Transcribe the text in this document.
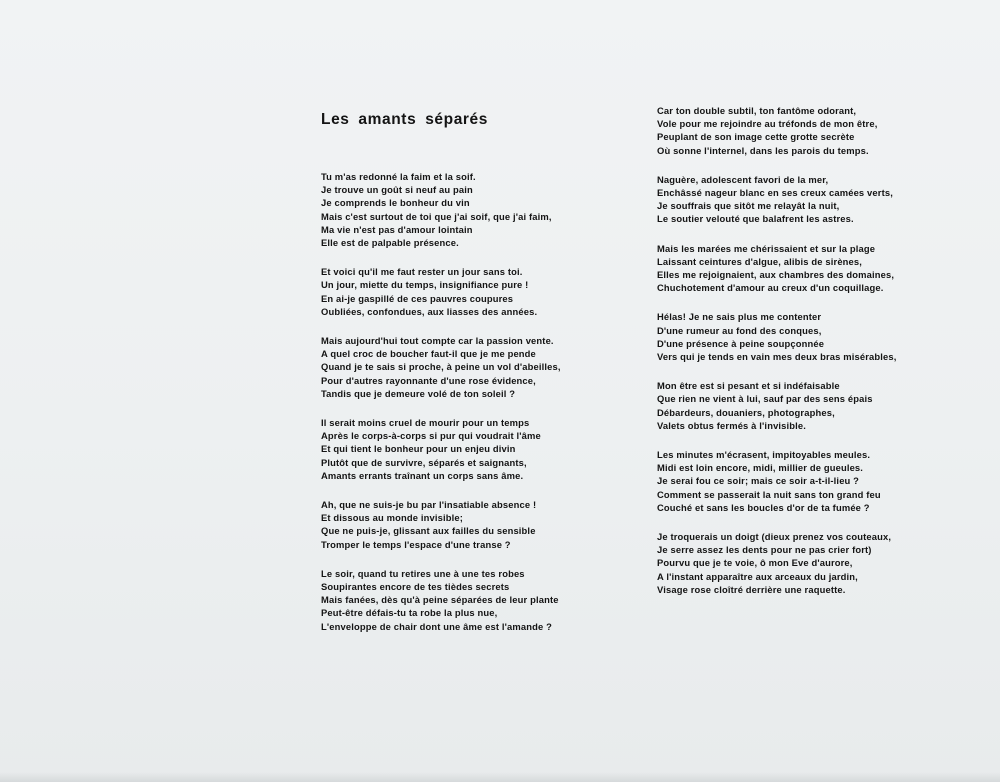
Les amants séparés

Tu m'as redonné la faim et la soif.
Je trouve un goût si neuf au pain
Je comprends le bonheur du vin
Mais c'est surtout de toi que j'ai soif, que j'ai faim,
Ma vie n'est pas d'amour lointain
Elle est de palpable présence.

Et voici qu'il me faut rester un jour sans toi.
Un jour, miette du temps, insignifiance pure !
En ai-je gaspillé de ces pauvres coupures
Oubliées, confondues, aux liasses des années.

Mais aujourd'hui tout compte car la passion vente.
A quel croc de boucher faut-il que je me pende
Quand je te sais si proche, à peine un vol d'abeilles,
Pour d'autres rayonnante d'une rose évidence,
Tandis que je demeure volé de ton soleil ?

Il serait moins cruel de mourir pour un temps
Après le corps-à-corps si pur qui voudrait l'âme
Et qui tient le bonheur pour un enjeu divin
Plutôt que de survivre, séparés et saignants,
Amants errants traînant un corps sans âme.

Ah, que ne suis-je bu par l'insatiable absence !
Et dissous au monde invisible;
Que ne puis-je, glissant aux failles du sensible
Tromper le temps l'espace d'une transe ?

Le soir, quand tu retires une à une tes robes
Soupirantes encore de tes tièdes secrets
Mais fanées, dès qu'à peine séparées de leur plante
Peut-être défais-tu ta robe la plus nue,
L'enveloppe de chair dont une âme est l'amande ?

Car ton double subtil, ton fantôme odorant,
Vole pour me rejoindre au tréfonds de mon être,
Peuplant de son image cette grotte secrète
Où sonne l'internel, dans les parois du temps.

Naguère, adolescent favori de la mer,
Enchâssé nageur blanc en ses creux camées verts,
Je souffrais que sitôt me relayât la nuit,
Le soutier velouté que balafrent les astres.

Mais les marées me chérissaient et sur la plage
Laissant ceintures d'algue, alibis de sirènes,
Elles me rejoignaient, aux chambres des domaines,
Chuchotement d'amour au creux d'un coquillage.

Hélas! Je ne sais plus me contenter
D'une rumeur au fond des conques,
D'une présence à peine soupçonnée
Vers qui je tends en vain mes deux bras misérables,

Mon être est si pesant et si indéfaisable
Que rien ne vient à lui, sauf par des sens épais
Débardeurs, douaniers, photographes,
Valets obtus fermés à l'invisible.

Les minutes m'écrasent, impitoyables meules.
Midi est loin encore, midi, millier de gueules.
Je serai fou ce soir; mais ce soir a-t-il-lieu ?
Comment se passerait la nuit sans ton grand feu
Couché et sans les boucles d'or de ta fumée ?

Je troquerais un doigt (dieux prenez vos couteaux,
Je serre assez les dents pour ne pas crier fort)
Pourvu que je te voie, ô mon Eve d'aurore,
A l'instant apparaître aux arceaux du jardin,
Visage rose cloîtré derrière une raquette.
